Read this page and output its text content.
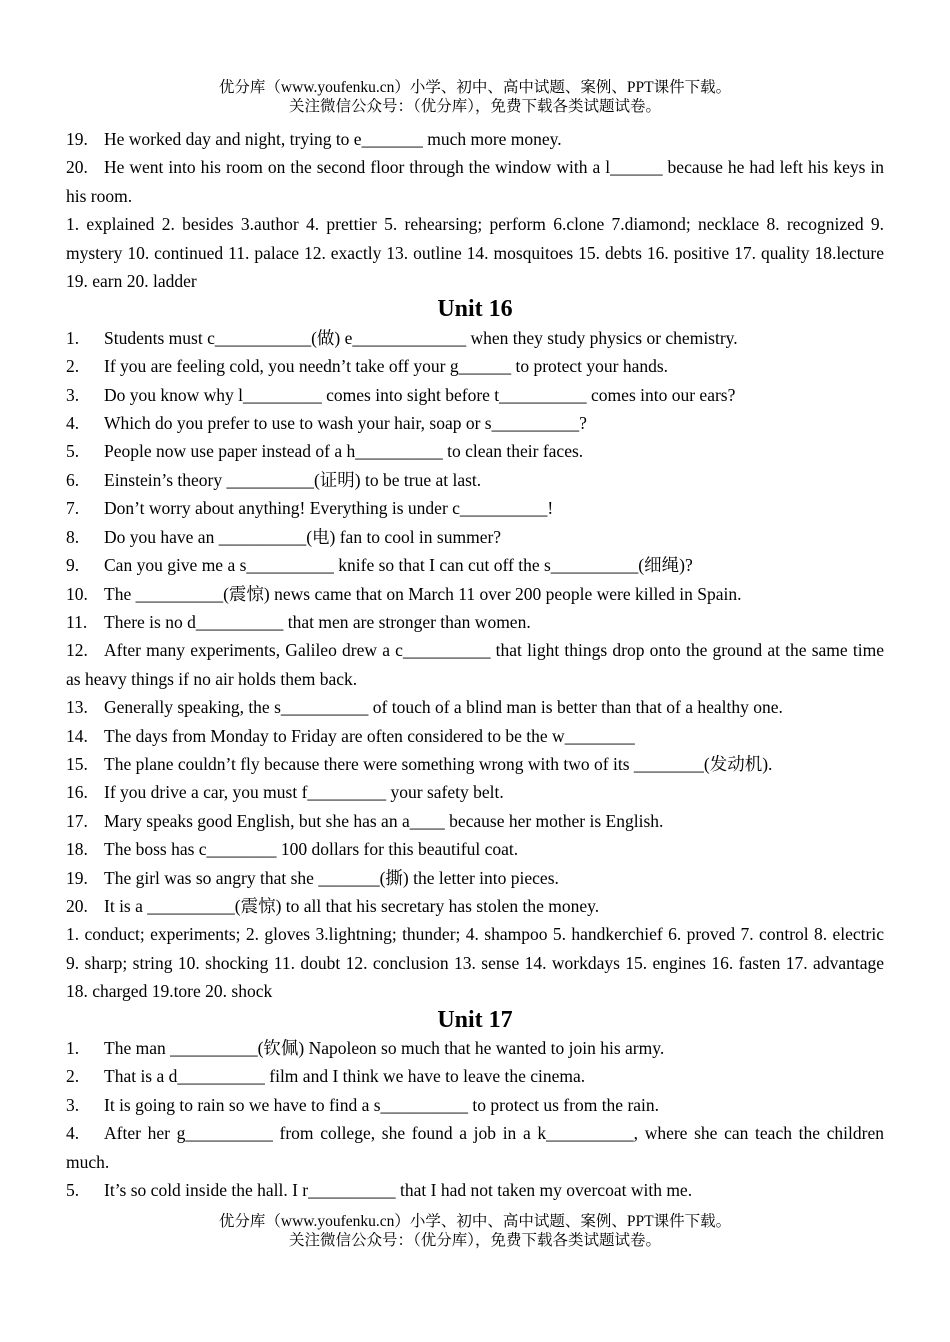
优分库（www.youfenku.cn）小学、初中、高中试题、案例、PPT课件下载。
关注微信公众号：（优分库），免费下载各类试题试卷。
19. He worked day and night, trying to e_______ much more money.
20. He went into his room on the second floor through the window with a l______ because he had left his keys in his room.
1. explained 2. besides 3.author 4. prettier 5. rehearsing; perform 6.clone 7.diamond; necklace 8. recognized 9. mystery 10. continued 11. palace 12. exactly 13. outline 14. mosquitoes 15. debts 16. positive 17. quality 18.lecture 19. earn 20. ladder
Unit 16
1. Students must c___________(做) e_____________ when they study physics or chemistry.
2. If you are feeling cold, you needn’t take off your g______ to protect your hands.
3. Do you know why l_________ comes into sight before t__________ comes into our ears?
4. Which do you prefer to use to wash your hair, soap or s__________?
5. People now use paper instead of a h__________ to clean their faces.
6. Einstein’s theory __________(证明) to be true at last.
7. Don’t worry about anything! Everything is under c__________!
8. Do you have an __________(电) fan to cool in summer?
9. Can you give me a s__________ knife so that I can cut off the s__________(细绳)?
10. The __________(震惊) news came that on March 11 over 200 people were killed in Spain.
11. There is no d__________ that men are stronger than women.
12. After many experiments, Galileo drew a c__________ that light things drop onto the ground at the same time as heavy things if no air holds them back.
13. Generally speaking, the s__________ of touch of a blind man is better than that of a healthy one.
14. The days from Monday to Friday are often considered to be the w________
15. The plane couldn’t fly because there were something wrong with two of its ________(发动机).
16. If you drive a car, you must f_________ your safety belt.
17. Mary speaks good English, but she has an a____ because her mother is English.
18. The boss has c________ 100 dollars for this beautiful coat.
19. The girl was so angry that she _______(撕) the letter into pieces.
20. It is a __________(震惊) to all that his secretary has stolen the money.
1. conduct; experiments; 2. gloves 3.lightning; thunder; 4. shampoo 5. handkerchief 6. proved 7. control 8. electric 9. sharp; string 10. shocking 11. doubt 12. conclusion 13. sense 14. workdays 15. engines 16. fasten 17. advantage 18. charged 19.tore 20. shock
Unit 17
1. The man __________(钦佩) Napoleon so much that he wanted to join his army.
2. That is a d__________ film and I think we have to leave the cinema.
3. It is going to rain so we have to find a s__________ to protect us from the rain.
4. After her g__________ from college, she found a job in a k__________, where she can teach the children much.
5. It’s so cold inside the hall. I r__________ that I had not taken my overcoat with me.
优分库（www.youfenku.cn）小学、初中、高中试题、案例、PPT课件下载。
关注微信公众号：（优分库），免费下载各类试题试卷。
